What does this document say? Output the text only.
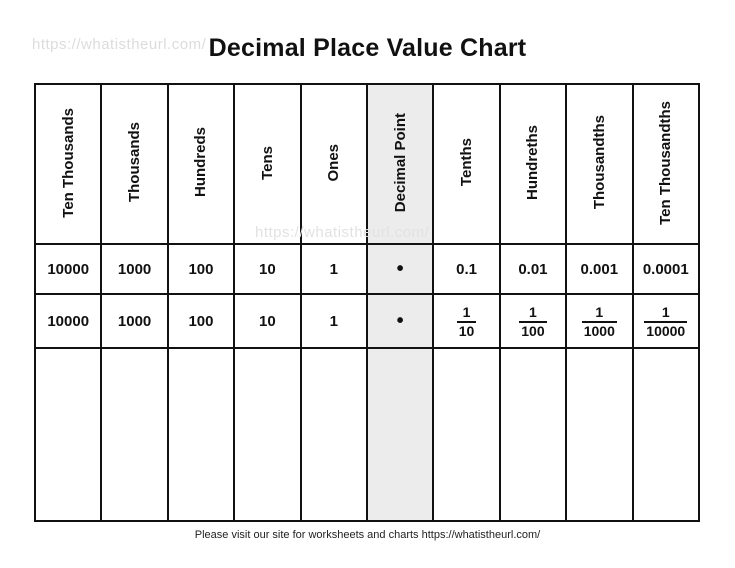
https://whatistheurl.com/ Decimal Place Value Chart
Ten Thousands	Thousands	Hundreds	Tens	Ones	Decimal Point	Tenths	Hundreths	Thousandths	Ten Thousandths
10000	1000	100	10	1	•	0.1	0.01	0.001	0.0001
10000	1000	100	10	1	•	$\frac{1}{10}$	$\frac{1}{100}$	$\frac{1}{1000}$	$\frac{1}{10000}$

https://whatistheurl.com/
Please visit our site for worksheets and charts https://whatistheurl.com/
